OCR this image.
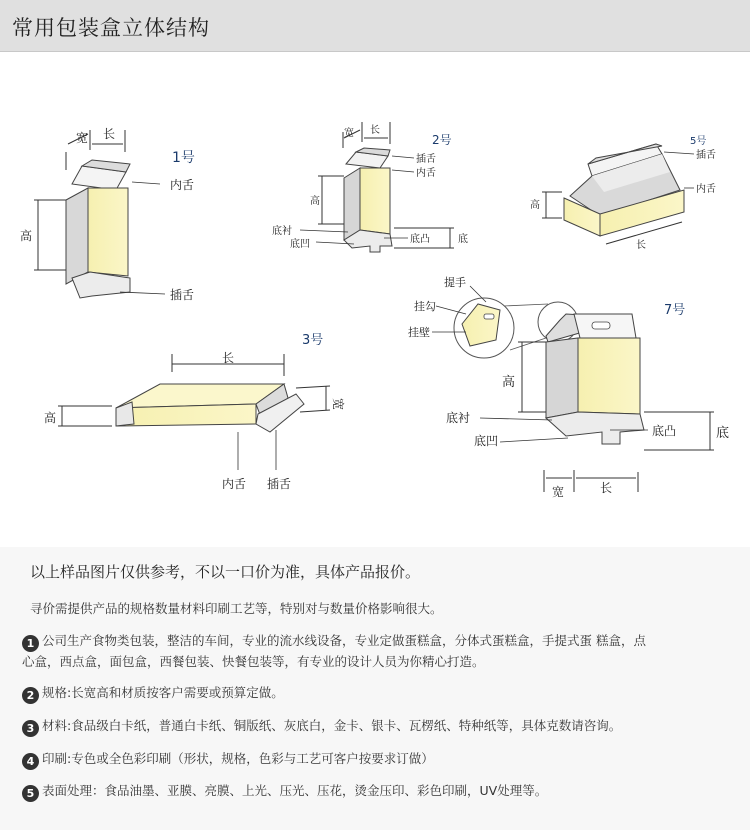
常用包装盒立体结构
宽 长
高
1号
内舌
插舌
宽 长
2号
插舌
内舌
高
底衬
底凹	底凸	底
5号
插舌
内舌
高
长
长
3号
高
宽
内舌 插舌
提手
挂勾
挂壁
7号
高
底衬
底凹
底凸	底
宽	长
以上样品图片仅供参考，不以一口价为准，具体产品报价。
寻价需提供产品的规格数量材料印刷工艺等，特别对与数量价格影响很大。
1 公司生产食物类包装，整洁的车间，专业的流水线设备，专业定做蛋糕盒，分体式蛋糕盒，手提式蛋 糕盒，点
心盒，西点盒，面包盒，西餐包装、快餐包装等，有专业的设计人员为你精心打造。
2 规格:长宽高和材质按客户需要或预算定做。
3 材料:食品级白卡纸，普通白卡纸、铜版纸、灰底白，金卡、银卡、瓦楞纸、特种纸等，具体克数请咨询。
4 印刷:专色或全色彩印刷（形状，规格，色彩与工艺可客户按要求订做）
5 表面处理：食品油墨、亚膜、亮膜、上光、压光、压花，烫金压印、彩色印刷，UV处理等。
